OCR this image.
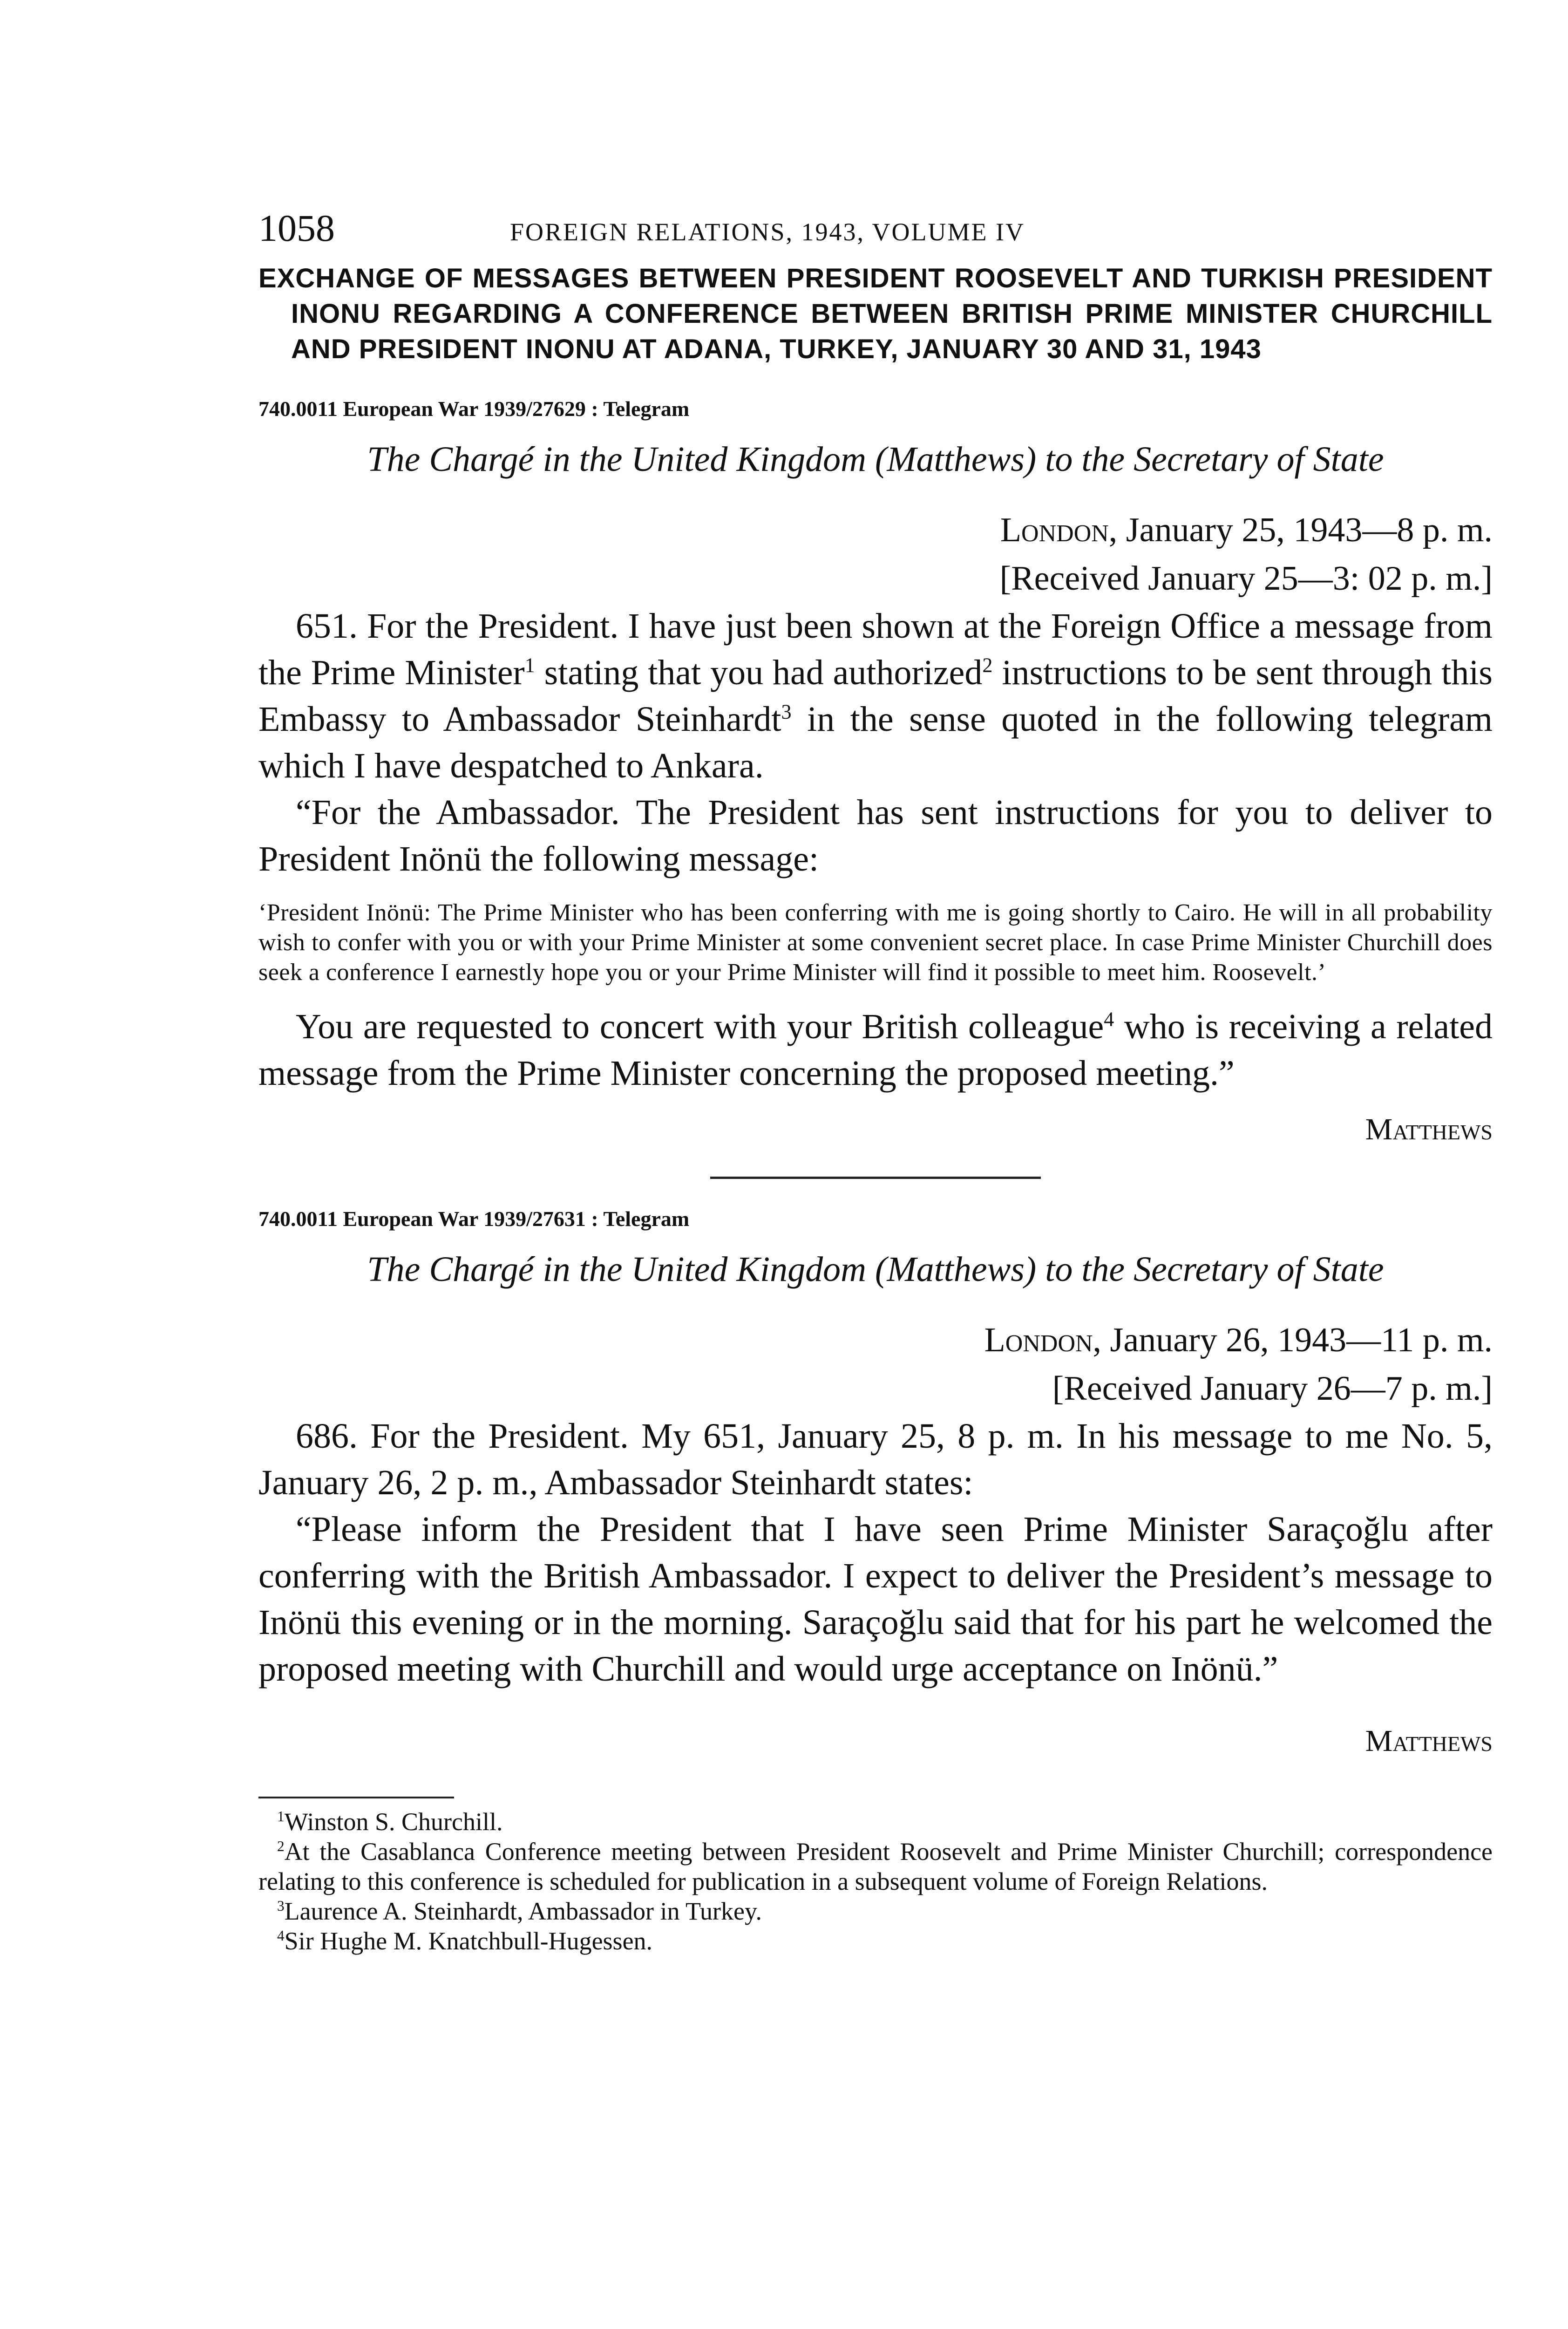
1058	FOREIGN RELATIONS, 1943, VOLUME IV

EXCHANGE OF MESSAGES BETWEEN PRESIDENT ROOSEVELT AND TURKISH PRESIDENT INONU REGARDING A CONFERENCE BETWEEN BRITISH PRIME MINISTER CHURCHILL AND PRESIDENT INONU AT ADANA, TURKEY, JANUARY 30 AND 31, 1943

740.0011 European War 1939/27629 : Telegram
The Chargé in the United Kingdom (Matthews) to the Secretary of State
London, January 25, 1943—8 p. m.
[Received January 25—3: 02 p. m.]

651. For the President. I have just been shown at the Foreign Office a message from the Prime Minister$^1$ stating that you had authorized$^2$ instructions to be sent through this Embassy to Ambassador Steinhardt$^3$ in the sense quoted in the following telegram which I have despatched to Ankara.

“For the Ambassador. The President has sent instructions for you to deliver to President Inönü the following message:

‘President Inönü: The Prime Minister who has been conferring with me is going shortly to Cairo. He will in all probability wish to confer with you or with your Prime Minister at some convenient secret place. In case Prime Minister Churchill does seek a conference I earnestly hope you or your Prime Minister will find it possible to meet him. Roosevelt.’

You are requested to concert with your British colleague$^4$ who is receiving a related message from the Prime Minister concerning the proposed meeting.”

Matthews
740.0011 European War 1939/27631 : Telegram
The Chargé in the United Kingdom (Matthews) to the Secretary of State
London, January 26, 1943—11 p. m.
[Received January 26—7 p. m.]

686. For the President. My 651, January 25, 8 p. m. In his message to me No. 5, January 26, 2 p. m., Ambassador Steinhardt states:

“Please inform the President that I have seen Prime Minister Saraçoğlu after conferring with the British Ambassador. I expect to deliver the President’s message to Inönü this evening or in the morning. Saraçoğlu said that for his part he welcomed the proposed meeting with Churchill and would urge acceptance on Inönü.”

Matthews

$^1$Winston S. Churchill.

$^2$At the Casablanca Conference meeting between President Roosevelt and Prime Minister Churchill; correspondence relating to this conference is scheduled for publication in a subsequent volume of Foreign Relations.

$^3$Laurence A. Steinhardt, Ambassador in Turkey.

$^4$Sir Hughe M. Knatchbull-Hugessen.
